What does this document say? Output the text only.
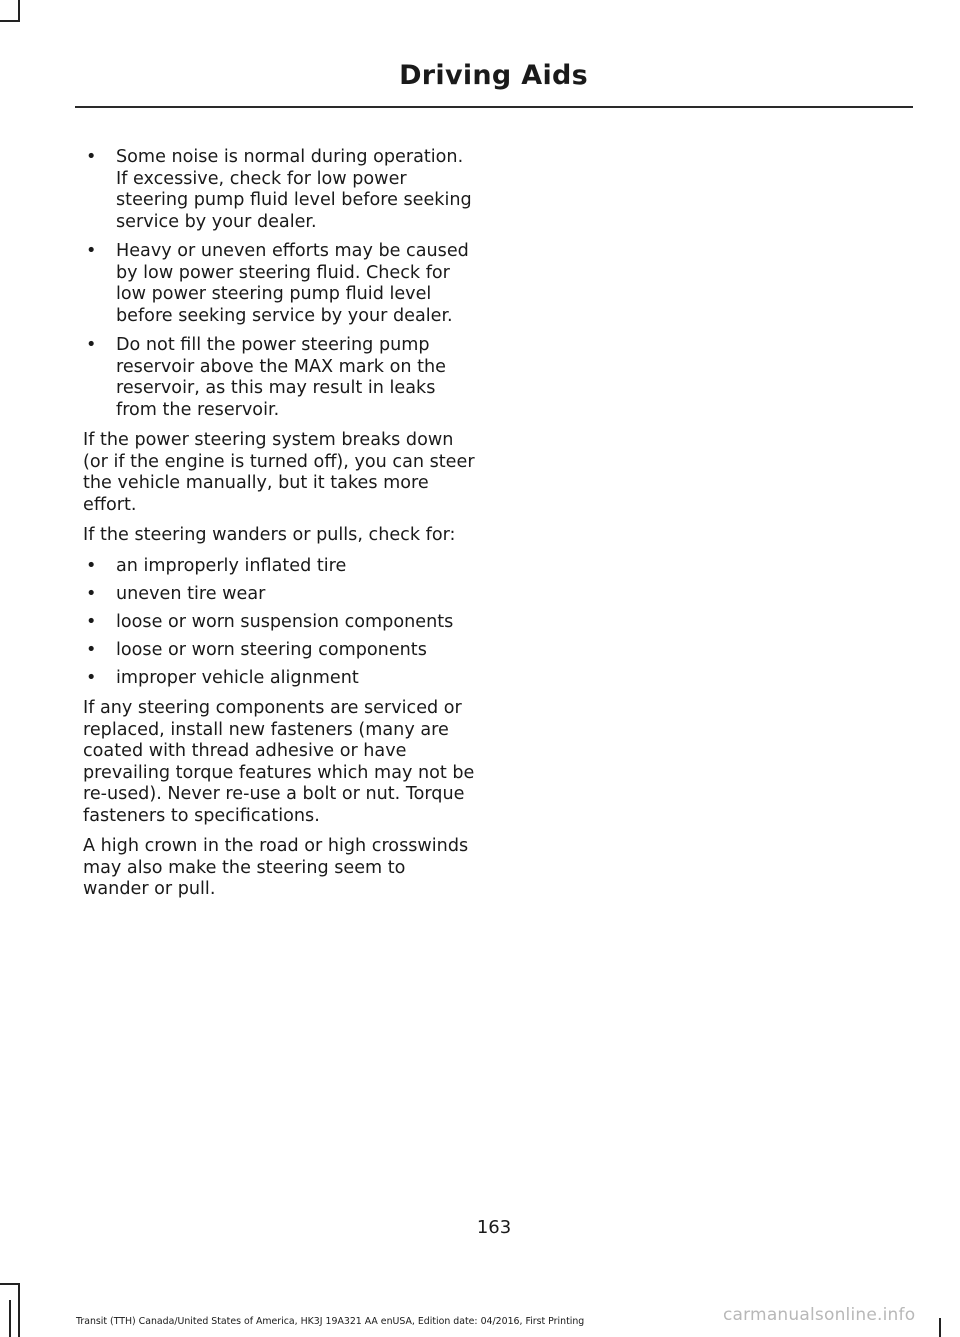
Driving Aids
• Some noise is normal during operation. If excessive, check for low power steering pump fluid level before seeking service by your dealer.
• Heavy or uneven efforts may be caused by low power steering fluid. Check for low power steering pump fluid level before seeking service by your dealer.
• Do not fill the power steering pump reservoir above the MAX mark on the reservoir, as this may result in leaks from the reservoir.

If the power steering system breaks down (or if the engine is turned off), you can steer the vehicle manually, but it takes more effort.

If the steering wanders or pulls, check for:

• an improperly inflated tire
• uneven tire wear
• loose or worn suspension components
• loose or worn steering components
• improper vehicle alignment

If any steering components are serviced or replaced, install new fasteners (many are coated with thread adhesive or have prevailing torque features which may not be re-used). Never re-use a bolt or nut. Torque fasteners to specifications.

A high crown in the road or high crosswinds may also make the steering seem to wander or pull.

163
Transit (TTH) Canada/United States of America, HK3J 19A321 AA enUSA, Edition date: 04/2016, First Printing	carmanualsonline.info
